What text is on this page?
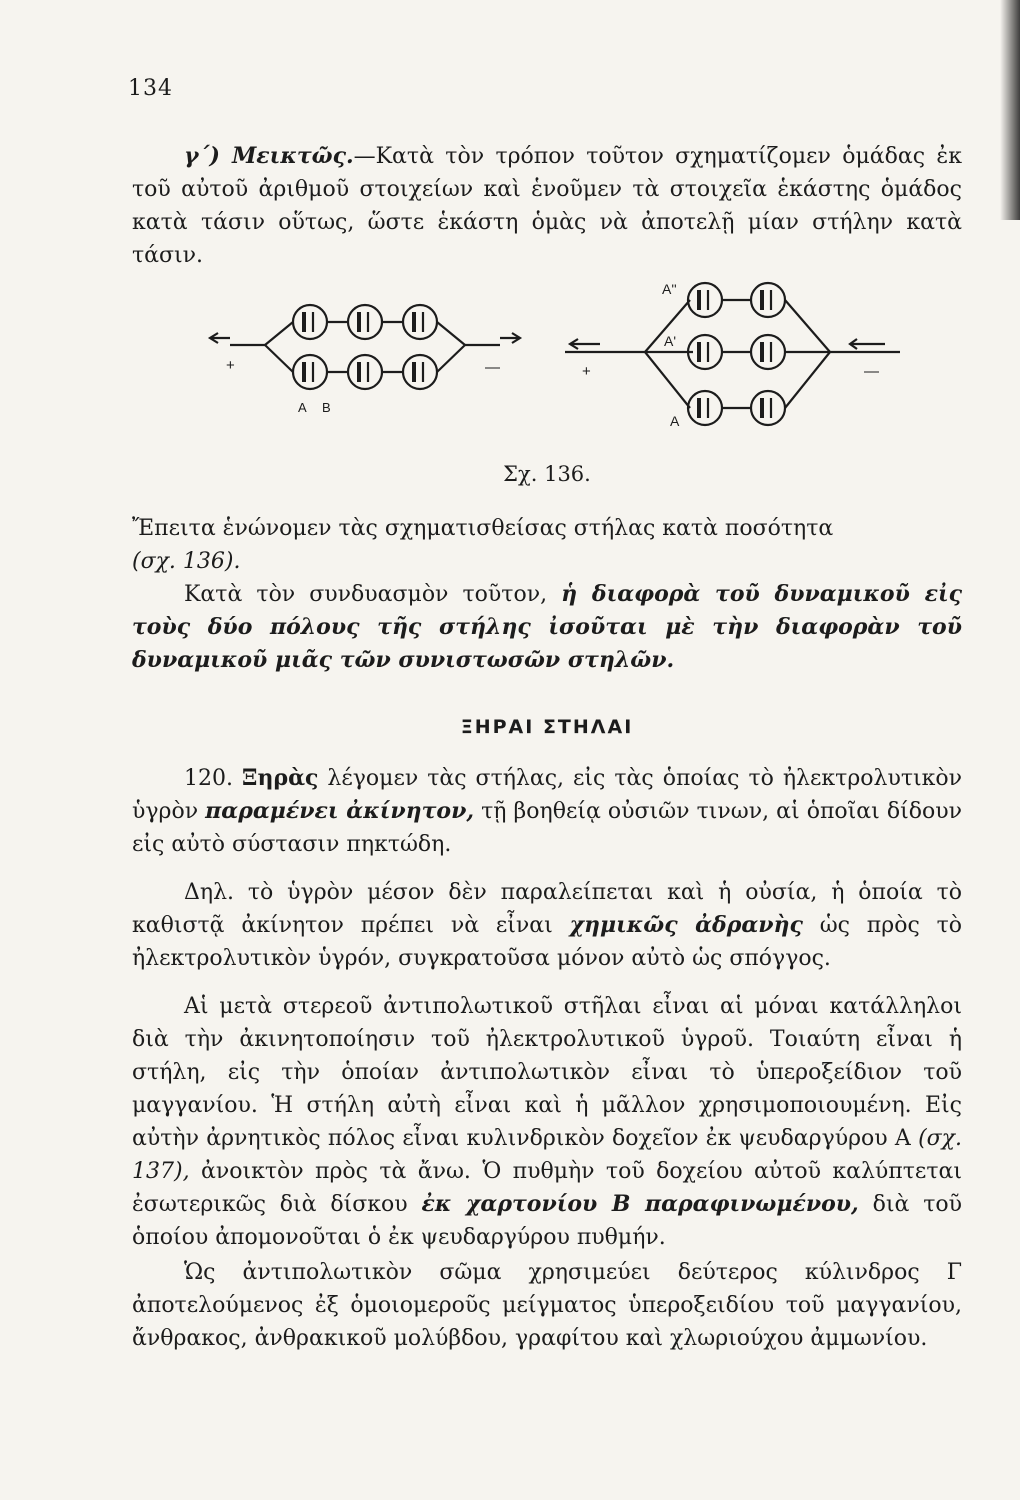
134
γ΄) Μεικτῶς.—Κατὰ τὸν τρόπον τοῦτον σχηματίζομεν ὁμάδας ἐκ τοῦ αὐτοῦ ἀριθμοῦ στοιχείων καὶ ἑνοῦμεν τὰ στοιχεῖα ἑκάστης ὁμάδος κατὰ τάσιν οὕτως, ὥστε ἑκάστη ὁμὰς νὰ ἀποτελῇ μίαν στήλην κατὰ τάσιν.
+	—
A B
+	—
A''
A'
A
Σχ. 136.
Ἔπειτα ἑνώνομεν τὰς σχηματισθείσας στήλας κατὰ ποσότητα
(σχ. 136).
Κατὰ τὸν συνδυασμὸν τοῦτον, ἡ διαφορὰ τοῦ δυναμικοῦ εἰς τοὺς δύο πόλους τῆς στήλης ἰσοῦται μὲ τὴν διαφορὰν τοῦ δυναμικοῦ μιᾶς τῶν συνιστωσῶν στηλῶν.
ΞΗΡΑΙ ΣΤΗΛΑΙ
120. Ξηρὰς λέγομεν τὰς στήλας, εἰς τὰς ὁποίας τὸ ἠλεκτρολυτικὸν ὑγρὸν παραμένει ἀκίνητον, τῇ βοηθείᾳ οὐσιῶν τινων, αἱ ὁποῖαι δίδουν εἰς αὐτὸ σύστασιν πηκτώδη.
Δηλ. τὸ ὑγρὸν μέσον δὲν παραλείπεται καὶ ἡ οὐσία, ἡ ὁποία τὸ καθιστᾷ ἀκίνητον πρέπει νὰ εἶναι χημικῶς ἀδρανὴς ὡς πρὸς τὸ ἠλεκτρολυτικὸν ὑγρόν, συγκρατοῦσα μόνον αὐτὸ ὡς σπόγγος.
Αἱ μετὰ στερεοῦ ἀντιπολωτικοῦ στῆλαι εἶναι αἱ μόναι κατάλληλοι διὰ τὴν ἀκινητοποίησιν τοῦ ἠλεκτρολυτικοῦ ὑγροῦ. Τοιαύτη εἶναι ἡ στήλη, εἰς τὴν ὁποίαν ἀντιπολωτικὸν εἶναι τὸ ὑπεροξείδιον τοῦ μαγγανίου. Ἡ στήλη αὐτὴ εἶναι καὶ ἡ μᾶλλον χρησιμοποιουμένη. Εἰς αὐτὴν ἀρνητικὸς πόλος εἶναι κυλινδρικὸν δοχεῖον ἐκ ψευδαργύρου Α (σχ. 137), ἀνοικτὸν πρὸς τὰ ἄνω. Ὁ πυθμὴν τοῦ δοχείου αὐτοῦ καλύπτεται ἐσωτερικῶς διὰ δίσκου ἐκ χαρτονίου Β παραφινωμένου, διὰ τοῦ ὁποίου ἀπομονοῦται ὁ ἐκ ψευδαργύρου πυθμήν.
Ὡς ἀντιπολωτικὸν σῶμα χρησιμεύει δεύτερος κύλινδρος Γ ἀποτελούμενος ἐξ ὁμοιομεροῦς μείγματος ὑπεροξειδίου τοῦ μαγγανίου, ἄνθρακος, ἀνθρακικοῦ μολύβδου, γραφίτου καὶ χλωριούχου ἀμμωνίου.
